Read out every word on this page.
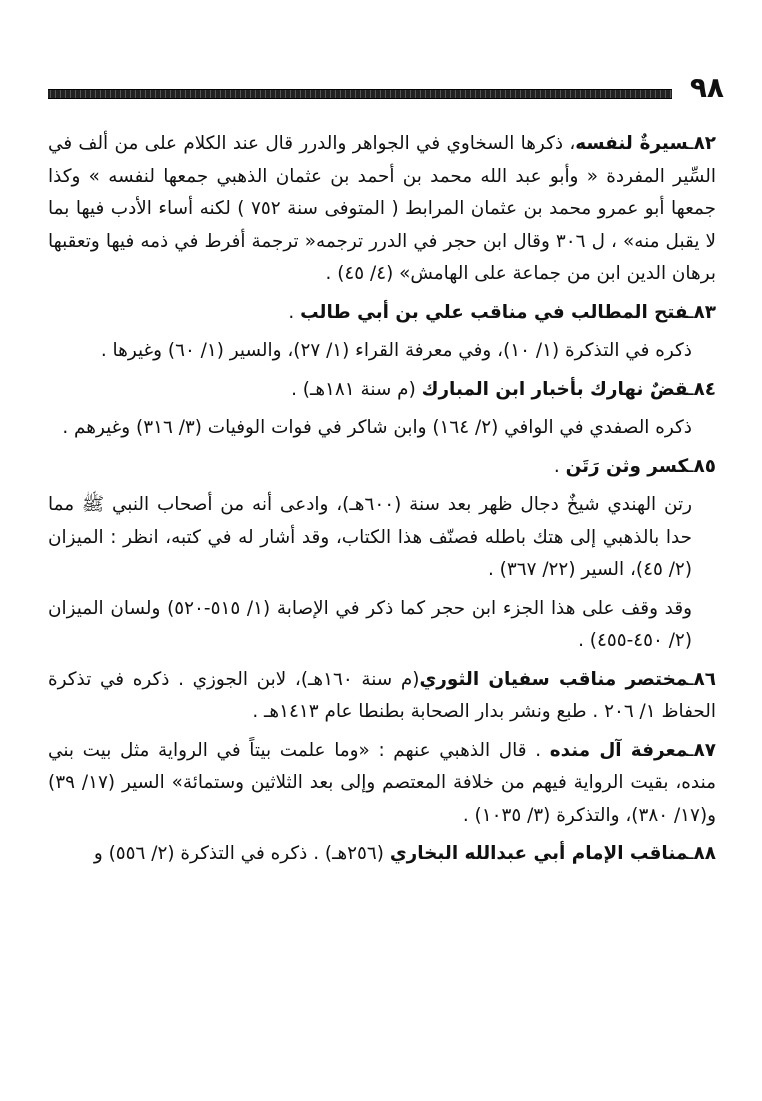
٩٨

٨٢ـسيرةٌ لنفسه، ذكرها السخاوي في الجواهر والدرر قال عند الكلام على من ألف في السِّير المفردة « وأبو عبد الله محمد بن أحمد بن عثمان الذهبي جمعها لنفسه » وكذا جمعها أبو عمرو محمد بن عثمان المرابط ( المتوفى سنة ٧٥٢ ) لكنه أساء الأدب فيها بما لا يقبل منه» ، ل ٣٠٦ وقال ابن حجر في الدرر ترجمه« ترجمة أفرط في ذمه فيها وتعقبها برهان الدين ابن من جماعة على الهامش» (٤/ ٤٥) .

٨٣ـفتح المطالب في مناقب علي بن أبي طالب .

ذكره في التذكرة (١/ ١٠)، وفي معرفة القراء (١/ ٢٧)، والسير (١/ ٦٠) وغيرها .

٨٤ـقضٌ نهارك بأخبار ابن المبارك (م سنة ١٨١هـ) .

ذكره الصفدي في الوافي (٢/ ١٦٤) وابن شاكر في فوات الوفيات (٣/ ٣١٦) وغيرهم .

٨٥ـكسر وثن رَتَن .

رتن الهندي شيخٌ دجال ظهر بعد سنة (٦٠٠هـ)، وادعى أنه من أصحاب النبي ﷺ مما حدا بالذهبي إلى هتك باطله فصنّف هذا الكتاب، وقد أشار له في كتبه، انظر : الميزان (٢/ ٤٥)، السير (٢٢/ ٣٦٧) .

وقد وقف على هذا الجزء ابن حجر كما ذكر في الإصابة (١/ ٥١٥-٥٢٠) ولسان الميزان (٢/ ٤٥٠-٤٥٥) .

٨٦ـمختصر مناقب سفيان الثوري(م سنة ١٦٠هـ)، لابن الجوزي . ذكره في تذكرة الحفاظ ١/ ٢٠٦ . طبع ونشر بدار الصحابة بطنطا عام ١٤١٣هـ .

٨٧ـمعرفة آل منده . قال الذهبي عنهم : «وما علمت بيتاً في الرواية مثل بيت بني منده، بقيت الرواية فيهم من خلافة المعتصم وإلى بعد الثلاثين وستمائة» السير (١٧/ ٣٩) و(١٧/ ٣٨٠)، والتذكرة (٣/ ١٠٣٥) .

٨٨ـمناقب الإمام أبي عبدالله البخاري (٢٥٦هـ) . ذكره في التذكرة (٢/ ٥٥٦) و
